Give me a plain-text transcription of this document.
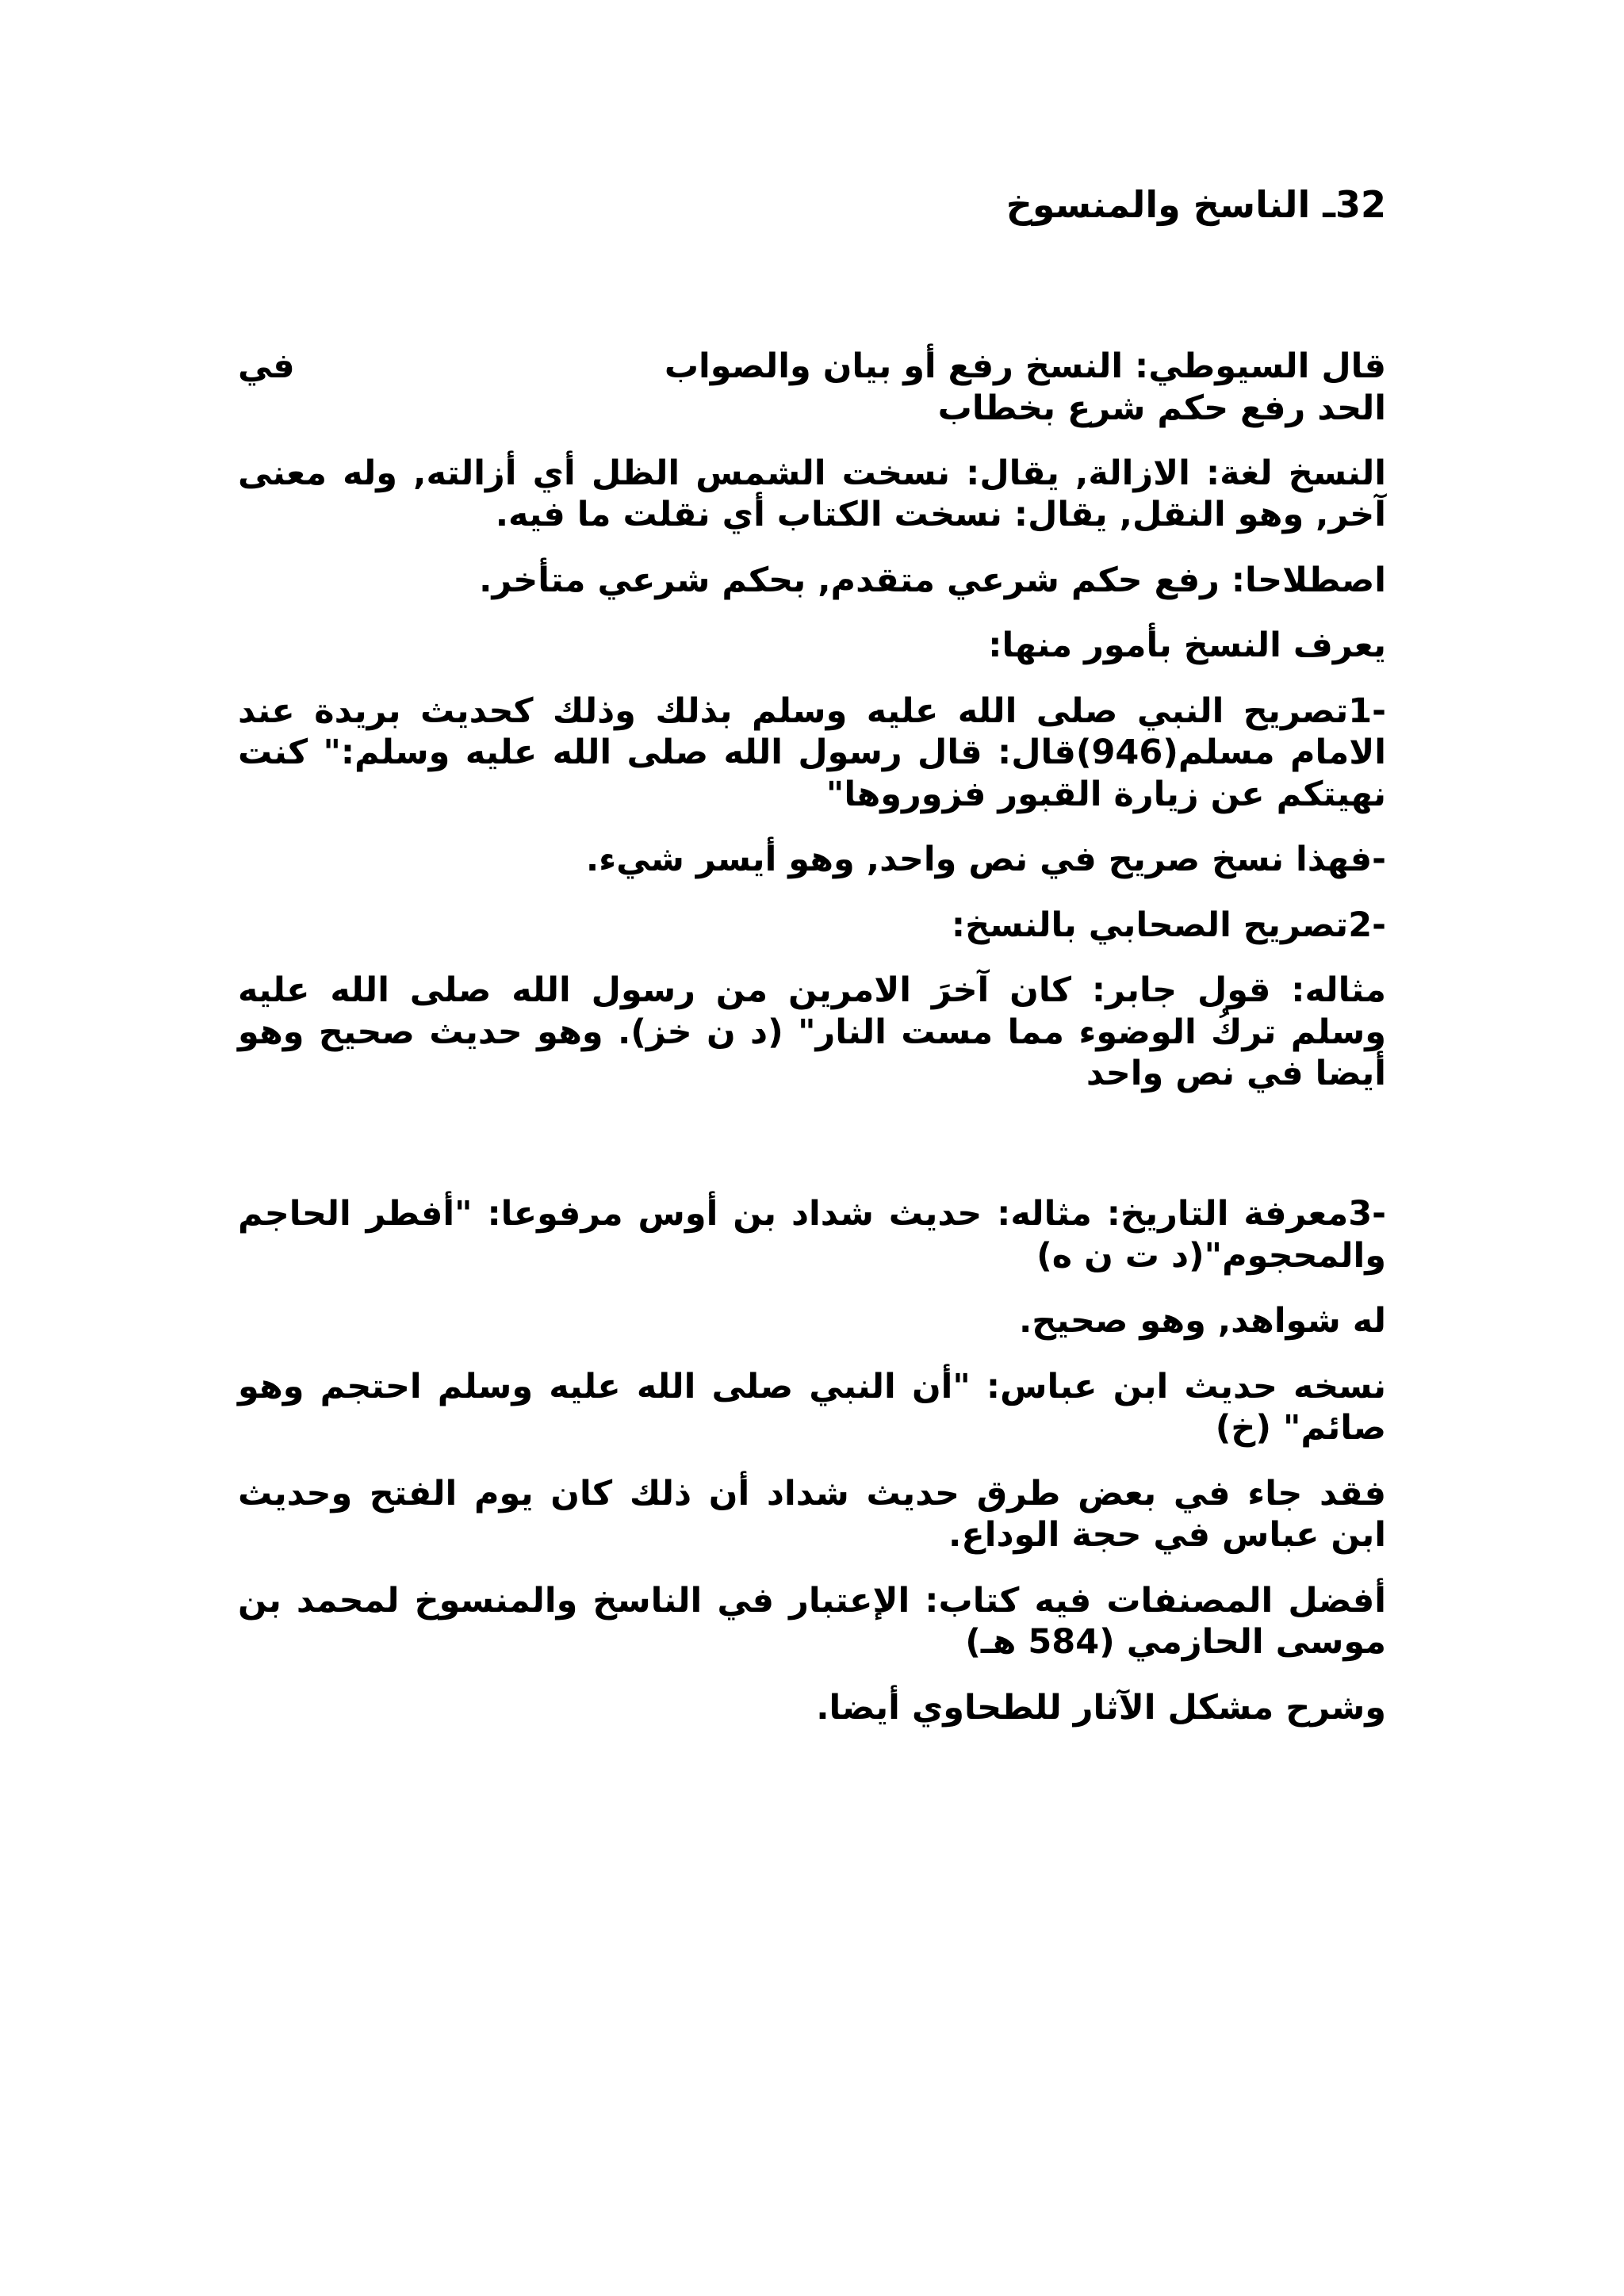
32ـ الناسخ والمنسوخ
قال السيوطي: النسخ رفع أو بيان والصواب
في
الحد رفع حكم شرع بخطاب

النسخ لغة: الازالة, يقال: نسخت الشمس الظل أي أزالته, وله معنى آخر, وهو النقل, يقال: نسخت الكتاب أي نقلت ما فيه.

اصطلاحا: رفع حكم شرعي متقدم, بحكم شرعي متأخر.

يعرف النسخ بأمور منها:

-1تصريح النبي صلى الله عليه وسلم بذلك وذلك كحديث بريدة عند الامام مسلم(946)قال: قال رسول الله صلى الله عليه وسلم:" كنت نهيتكم عن زيارة القبور فزوروها"

-فهذا نسخ صريح في نص واحد, وهو أيسر شيء.

-2تصريح الصحابي بالنسخ:

مثاله: قول جابر: كان آخرَ الامرين من رسول الله صلى الله عليه وسلم تركُ الوضوء مما مست النار" (د ن خز). وهو حديث صحيح وهو أيضا في نص واحد

-3معرفة التاريخ: مثاله: حديث شداد بن أوس مرفوعا: "أفطر الحاجم والمحجوم"(د ت ن ه)

له شواهد, وهو صحيح.

نسخه حديث ابن عباس: "أن النبي صلى الله عليه وسلم احتجم وهو صائم" (خ)

فقد جاء في بعض طرق حديث شداد أن ذلك كان يوم الفتح وحديث ابن عباس في حجة الوداع.

أفضل المصنفات فيه كتاب: الإعتبار في الناسخ والمنسوخ لمحمد بن موسى الحازمي (584 هـ)

وشرح مشكل الآثار للطحاوي أيضا.
